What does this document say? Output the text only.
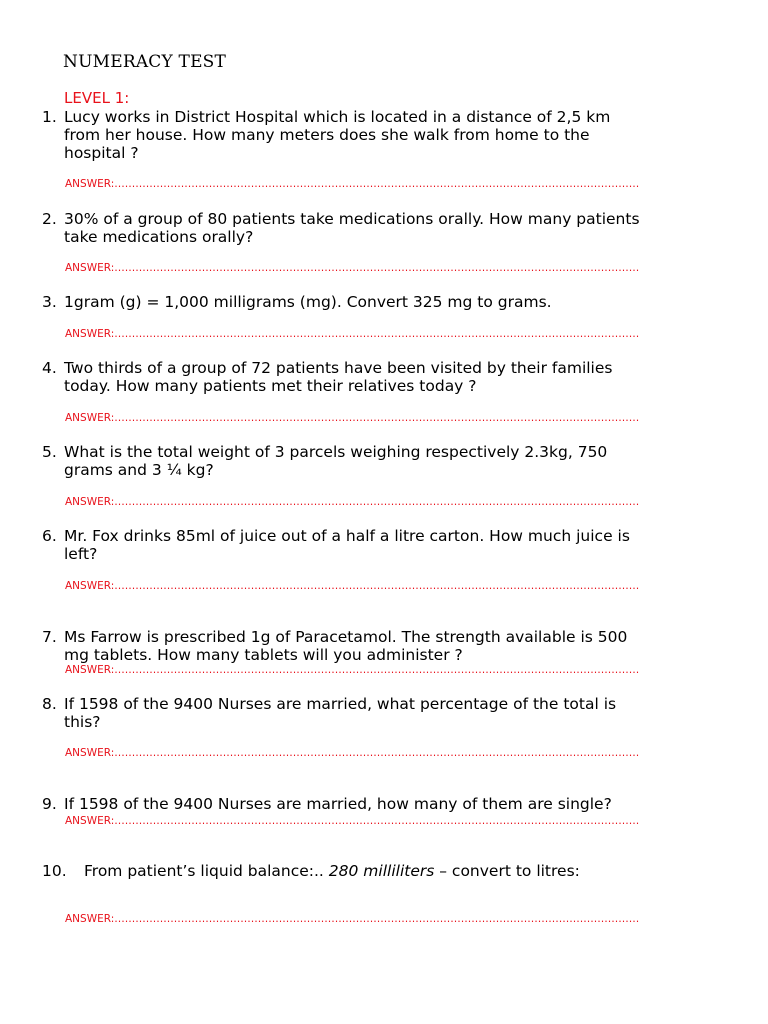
NUMERACY TEST
LEVEL 1:
1. Lucy works in District Hospital which is located in a distance of 2,5 km
from her house. How many meters does she walk from home to the
hospital ?
ANSWER:……………………………………………………………………………………………………………………………………
2. 30% of a group of 80 patients take medications orally. How many patients
take medications orally?
ANSWER:……………………………………………………………………………………………………………………………………
3. 1gram (g) = 1,000 milligrams (mg). Convert 325 mg to grams.
ANSWER:……………………………………………………………………………………………………………………………………
4. Two thirds of a group of 72 patients have been visited by their families
today. How many patients met their relatives today ?
ANSWER:……………………………………………………………………………………………………………………………………
5. What is the total weight of 3 parcels weighing respectively 2.3kg, 750
grams and 3 ¼ kg?
ANSWER:……………………………………………………………………………………………………………………………………
6. Mr. Fox drinks 85ml of juice out of a half a litre carton. How much juice is
left?
ANSWER:……………………………………………………………………………………………………………………………………
7. Ms Farrow is prescribed 1g of Paracetamol. The strength available is 500
mg tablets. How many tablets will you administer ?
ANSWER:……………………………………………………………………………………………………………………………………
8. If 1598 of the 9400 Nurses are married, what percentage of the total is
this?
ANSWER:……………………………………………………………………………………………………………………………………
9. If 1598 of the 9400 Nurses are married, how many of them are single?
ANSWER:……………………………………………………………………………………………………………………………………
10. From patient’s liquid balance:.. 280 milliliters – convert to litres:
ANSWER:……………………………………………………………………………………………………………………………………
